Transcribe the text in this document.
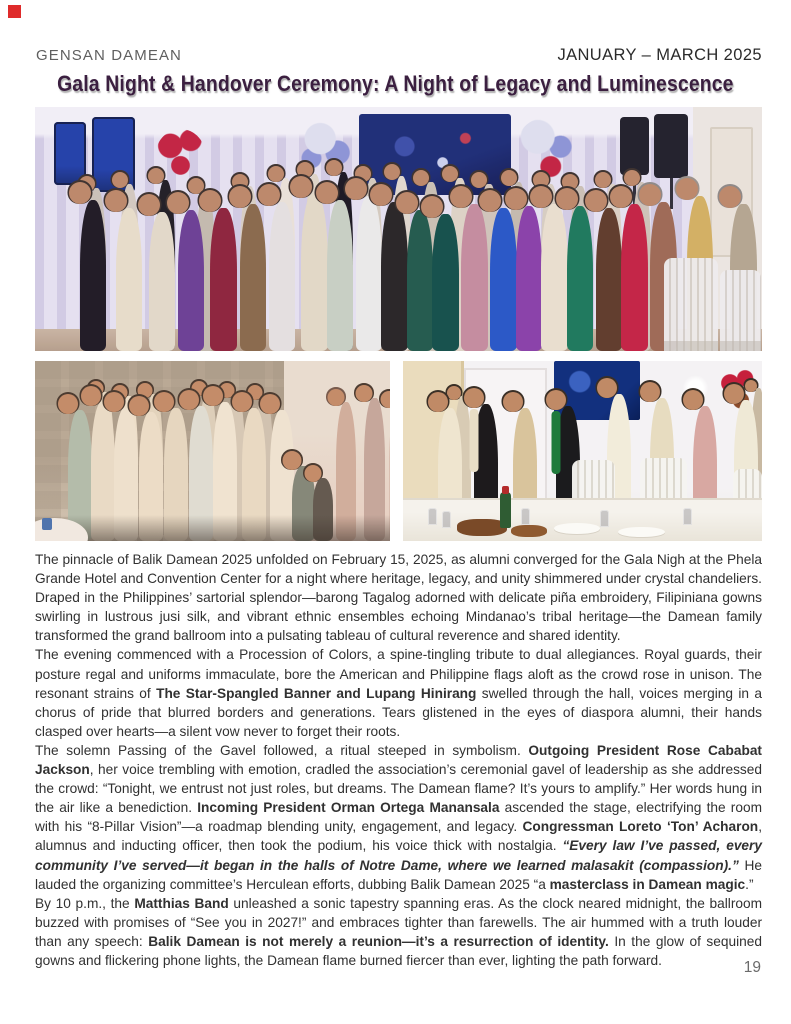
GENSAN DAMEAN	JANUARY – MARCH 2025
Gala Night & Handover Ceremony: A Night of Legacy and Luminescence

The pinnacle of Balik Damean 2025 unfolded on February 15, 2025, as alumni converged for the Gala Nigh at the Phela Grande Hotel and Convention Center for a night where heritage, legacy, and unity shimmered under crystal chandeliers. Draped in the Philippines’ sartorial splendor—barong Tagalog adorned with delicate piña embroidery, Filipiniana gowns swirling in lustrous jusi silk, and vibrant ethnic ensembles echoing Mindanao’s tribal heritage—the Damean family transformed the grand ballroom into a pulsating tableau of cultural reverence and shared identity.

The evening commenced with a Procession of Colors, a spine-tingling tribute to dual allegiances. Royal guards, their posture regal and uniforms immaculate, bore the American and Philippine flags aloft as the crowd rose in unison. The resonant strains of The Star-Spangled Banner and Lupang Hinirang swelled through the hall, voices merging in a chorus of pride that blurred borders and generations. Tears glistened in the eyes of diaspora alumni, their hands clasped over hearts—a silent vow never to forget their roots.

The solemn Passing of the Gavel followed, a ritual steeped in symbolism. Outgoing President Rose Cababat Jackson, her voice trembling with emotion, cradled the association’s ceremonial gavel of leadership as she addressed the crowd: “Tonight, we entrust not just roles, but dreams. The Damean flame? It’s yours to amplify.” Her words hung in the air like a benediction. Incoming President Orman Ortega Manansala ascended the stage, electrifying the room with his “8-Pillar Vision”—a roadmap blending unity, engagement, and legacy. Congressman Loreto ‘Ton’ Acharon, alumnus and inducting officer, then took the podium, his voice thick with nostalgia. “Every law I’ve passed, every community I’ve served—it began in the halls of Notre Dame, where we learned malasakit (compassion).” He lauded the organizing committee’s Herculean efforts, dubbing Balik Damean 2025 “a masterclass in Damean magic.”

By 10 p.m., the Matthias Band unleashed a sonic tapestry spanning eras. As the clock neared midnight, the ballroom buzzed with promises of “See you in 2027!” and embraces tighter than farewells. The air hummed with a truth louder than any speech: Balik Damean is not merely a reunion—it’s a resurrection of identity. In the glow of sequined gowns and flickering phone lights, the Damean flame burned fiercer than ever, lighting the path forward.	19
